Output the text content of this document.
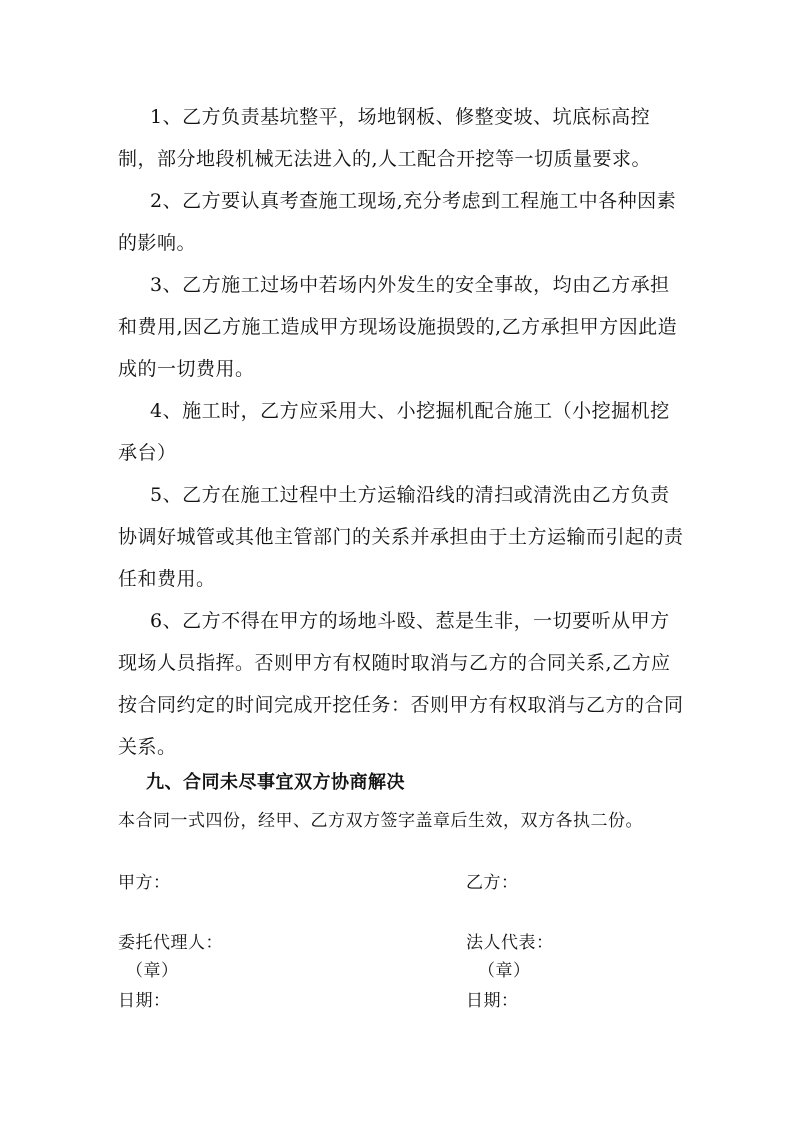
1、乙方负责基坑整平，场地钢板、修整变坡、坑底标高控制，部分地段机械无法进入的,人工配合开挖等一切质量要求。

2、乙方要认真考查施工现场,充分考虑到工程施工中各种因素的影响。

3、乙方施工过场中若场内外发生的安全事故，均由乙方承担和费用,因乙方施工造成甲方现场设施损毁的,乙方承担甲方因此造成的一切费用。

4、施工时，乙方应采用大、小挖掘机配合施工（小挖掘机挖承台）

5、乙方在施工过程中土方运输沿线的清扫或清洗由乙方负责协调好城管或其他主管部门的关系并承担由于土方运输而引起的责任和费用。

6、乙方不得在甲方的场地斗殴、惹是生非，一切要听从甲方现场人员指挥。否则甲方有权随时取消与乙方的合同关系,乙方应按合同约定的时间完成开挖任务：否则甲方有权取消与乙方的合同关系。

九、合同未尽事宜双方协商解决
本合同一式四份，经甲、乙方双方签字盖章后生效，双方各执二份。
甲方：	乙方：
委托代理人：	法人代表：
（章）	（章）
日期：	日期：
